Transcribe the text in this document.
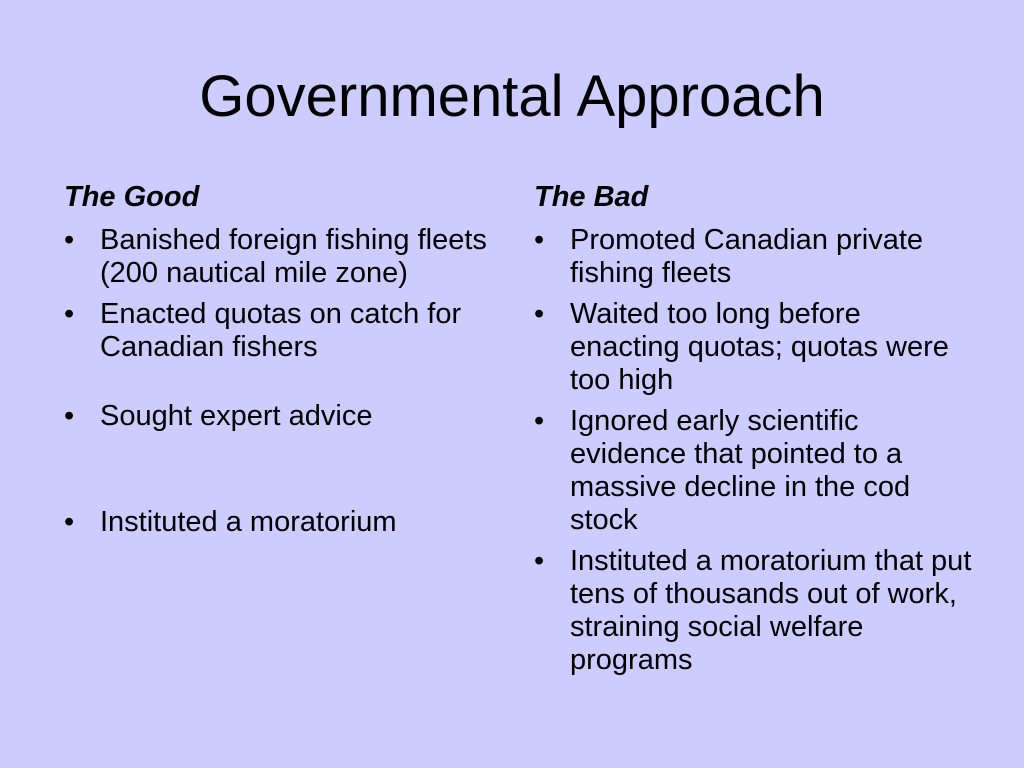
Governmental Approach
The Good
• Banished foreign fishing fleets (200 nautical mile zone)
• Enacted quotas on catch for Canadian fishers
• Sought expert advice
• Instituted a moratorium
The Bad
• Promoted Canadian private fishing fleets
• Waited too long before enacting quotas; quotas were too high
• Ignored early scientific evidence that pointed to a massive decline in the cod stock
• Instituted a moratorium that put tens of thousands out of work, straining social welfare programs
